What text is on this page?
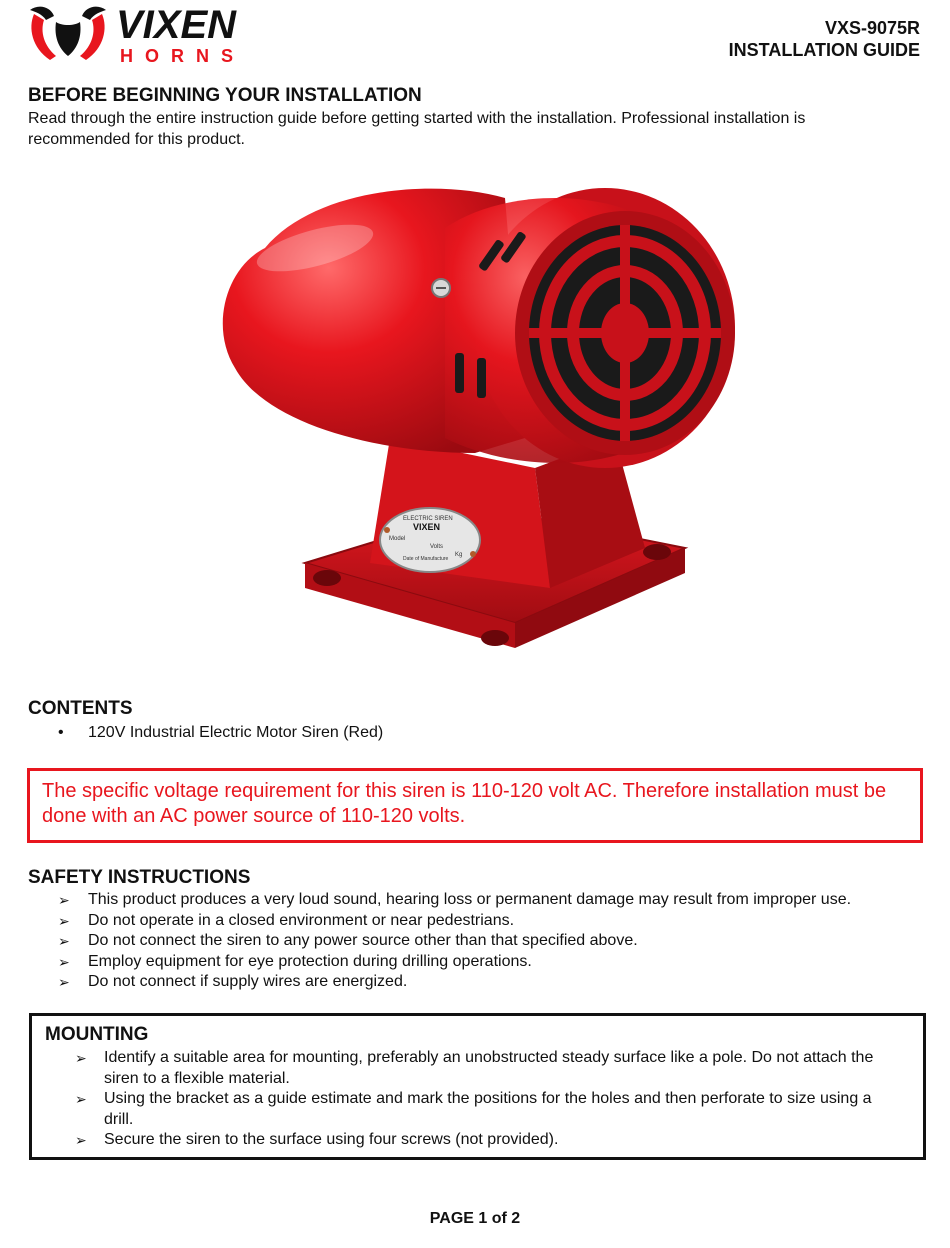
VIXEN
HORNS
VXS-9075R
INSTALLATION GUIDE
BEFORE BEGINNING YOUR INSTALLATION

Read through the entire instruction guide before getting started with the installation. Professional installation is recommended for this product.

ELECTRIC SIREN
VIXEN
Model
Volts
Kg
Date of Manufacture
CONTENTS
• 120V Industrial Electric Motor Siren (Red)
The specific voltage requirement for this siren is 110-120 volt AC. Therefore installation must be done with an AC power source of 110-120 volts.
SAFETY INSTRUCTIONS
➢ This product produces a very loud sound, hearing loss or permanent damage may result from improper use.
➢ Do not operate in a closed environment or near pedestrians.
➢ Do not connect the siren to any power source other than that specified above.
➢ Employ equipment for eye protection during drilling operations.
➢ Do not connect if supply wires are energized.
MOUNTING
➢ Identify a suitable area for mounting, preferably an unobstructed steady surface like a pole. Do not attach the siren to a flexible material.
➢ Using the bracket as a guide estimate and mark the positions for the holes and then perforate to size using a drill.
➢ Secure the siren to the surface using four screws (not provided).
PAGE 1 of 2
